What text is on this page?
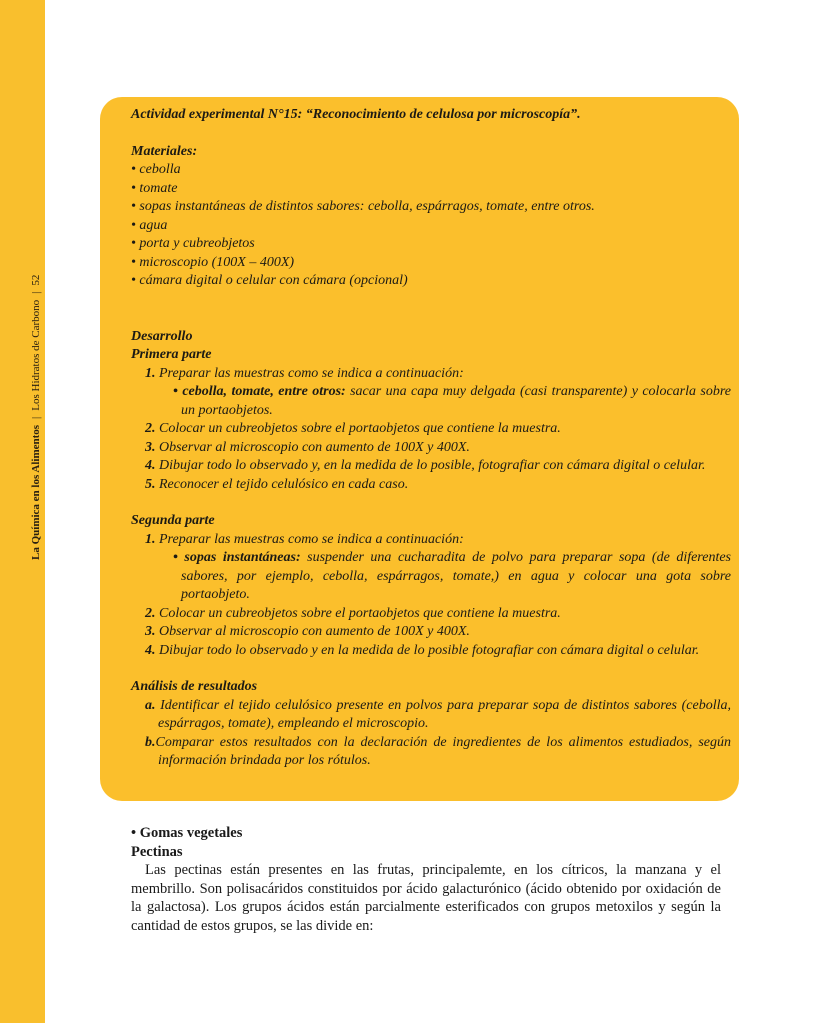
La Química en los Alimentos|Los Hidratos de Carbono|52
Actividad experimental N°15: “Reconocimiento de celulosa por microscopía”.
Materiales:
• cebolla
• tomate
• sopas instantáneas de distintos sabores: cebolla, espárragos, tomate, entre otros.
• agua
• porta y cubreobjetos
• microscopio (100X – 400X)
• cámara digital o celular con cámara (opcional)
Desarrollo
Primera parte
1. Preparar las muestras como se indica a continuación:
• cebolla, tomate, entre otros: sacar una capa muy delgada (casi transparente) y colocarla sobre un portaobjetos.
2. Colocar un cubreobjetos sobre el portaobjetos que contiene la muestra.
3. Observar al microscopio con aumento de 100X y 400X.
4. Dibujar todo lo observado y, en la medida de lo posible, fotografiar con cámara digital o celular.
5. Reconocer el tejido celulósico en cada caso.
Segunda parte
1. Preparar las muestras como se indica a continuación:
• sopas instantáneas: suspender una cucharadita de polvo para preparar sopa (de diferentes sabores, por ejemplo, cebolla, espárragos, tomate,) en agua y colocar una gota sobre portaobjeto.
2. Colocar un cubreobjetos sobre el portaobjetos que contiene la muestra.
3. Observar al microscopio con aumento de 100X y 400X.
4. Dibujar todo lo observado y en la medida de lo posible fotografiar con cámara digital o celular.
Análisis de resultados
a. Identificar el tejido celulósico presente en polvos para preparar sopa de distintos sabores (cebolla, espárragos, tomate), empleando el microscopio.
b.Comparar estos resultados con la declaración de ingredientes de los alimentos estudiados, según información brindada por los rótulos.
• Gomas vegetales
Pectinas

Las pectinas están presentes en las frutas, principalemte, en los cítricos, la manzana y el membrillo. Son polisacáridos constituidos por ácido galacturónico (ácido obtenido por oxidación de la galactosa). Los grupos ácidos están parcialmente esterificados con grupos metoxilos y según la cantidad de estos grupos, se las divide en:
